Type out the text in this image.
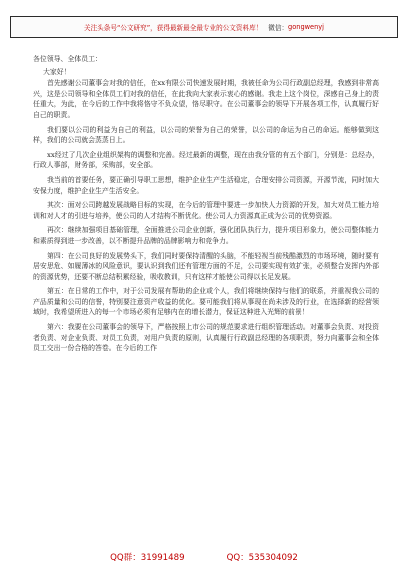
关注头条号“公文研究”，获得最新最全最专业的公文资料库！ 微信： gongwenyj

各位领导、全体员工：

大家好！

首先感谢公司董事会对我的信任，在xx有限公司快速发展时期，我被任命为公司行政副总经理，我感到非常高兴，这是公司领导和全体员工们对我的信任，在此我向大家表示衷心的感谢。我走上这个岗位，深感自己身上的责任重大，为此，在今后的工作中我将恪守不负众望，恪尽职守。在公司董事会的领导下开展各项工作，认真履行好自己的职责。

我们要以公司的利益为自己的利益，以公司的荣誉为自己的荣誉，以公司的命运为自己的命运。能够做到这样，我们的公司就会蒸蒸日上。

xx经过了几次企业组织架构的调整和完善。经过最新的调整，现在由我分管的有五个部门，分别是：总经办，行政人事部，财务部，采购部，安全部。

我当前的首要任务，要正确引导职工思想，维护企业生产生活稳定，合理安排公司资源，开源节流，同时加大安保力度，维护企业生产生活安全。

其次：面对公司跨越发展战略目标的实现，在今后的管理中要进一步加快人力资源的开发，加大对员工能力培训和对人才的引进与培养，使公司的人才结构不断优化。使公司人力资源真正成为公司的优势资源。

再次：继续加强项目基础管理，全面推进公司企业创新，强化团队执行力，提升项目形象力，使公司整体能力和素质得到进一步改善，以不断提升品牌的品牌影响力和竞争力。

第四：在公司良好的发展势头下，我们同时要保持清醒的头脑，不能轻视当前残酷激烈的市场环境，随时要有居安思危、如履薄冰的风险意识，要认识到我们还有管理方面的不足，公司要实现有效扩张，必须整合发挥内外部的资源优势，还要不断总结积累经验，吸收教训，只有这样才能使公司得以长足发展。

第五：在日常的工作中，对于公司发展有帮助的企业或个人，我们将继续保持与他们的联系，并重视我公司的产品质量和公司的信誉，特别要注意资产收益的优化。要可能我们将从事现在尚未涉及的行业，在选择新的经营领域时，我希望所进入的每一个市场必须有足够内在的增长潜力，保证这种进入光辉的前景！

第六：我要在公司董事会的领导下，严格按照上市公司的规范要求进行组织管理活动。对董事会负责、对投资者负责、对企业负责、对员工负责，对用户负责的原则，认真履行行政副总经理的各项职责，努力向董事会和全体员工交出一份合格的答卷。在今后的工作

QQ群：31991489	QQ：535304092
